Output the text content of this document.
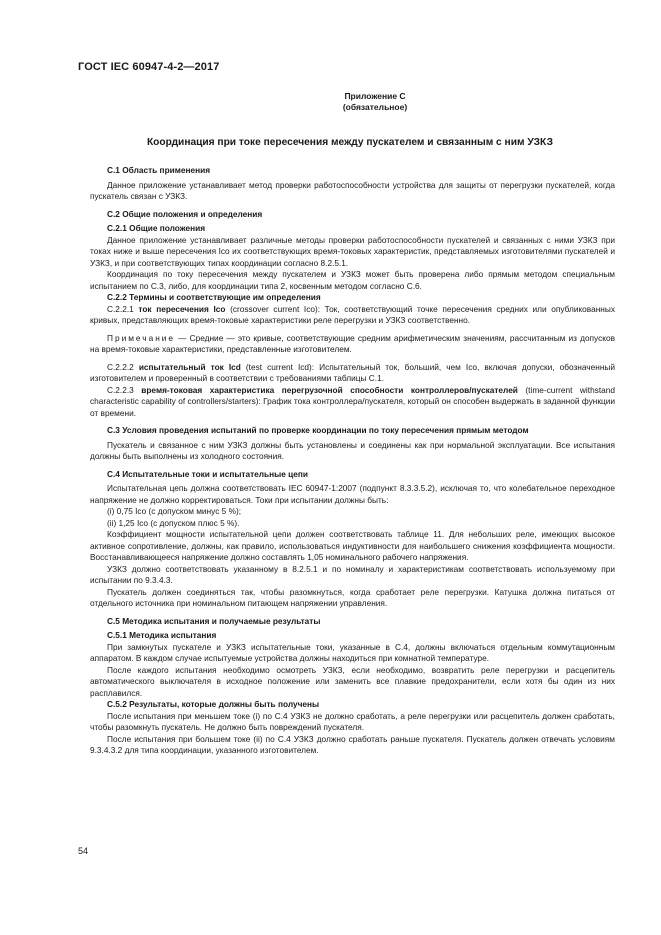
ГОСТ IEC 60947-4-2—2017
Приложение С
(обязательное)
Координация при токе пересечения между пускателем и связанным с ним УЗКЗ

С.1 Область применения

Данное приложение устанавливает метод проверки работоспособности устройства для защиты от перегрузки пускателей, когда пускатель связан с УЗКЗ.

С.2 Общие положения и определения

С.2.1 Общие положения

Данное приложение устанавливает различные методы проверки работоспособности пускателей и связанных с ними УЗКЗ при токах ниже и выше пересечения Ico их соответствующих время-токовых характеристик, представляемых изготовителями пускателей и УЗКЗ, и при соответствующих типах координации согласно 8.2.5.1.

Координация по току пересечения между пускателем и УЗКЗ может быть проверена либо прямым методом специальным испытанием по С.3, либо, для координации типа 2, косвенным методом согласно С.6.

С.2.2 Термины и соответствующие им определения

С.2.2.1 ток пересечения Ico (crossover current Ico): Ток, соответствующий точке пересечения средних или опубликованных кривых, представляющих время-токовые характеристики реле перегрузки и УЗКЗ соответственно.

Примечание — Средние — это кривые, соответствующие средним арифметическим значениям, рассчитанным из допусков на время-токовые характеристики, представленные изготовителем.

С.2.2.2 испытательный ток Icd (test current Icd): Испытательный ток, больший, чем Ico, включая допуски, обозначенный изготовителем и проверенный в соответствии с требованиями таблицы С.1.

С.2.2.3 время-токовая характеристика перегрузочной способности контроллеров/пускателей (time-current withstand characteristic capability of controllers/starters): График тока контроллера/пускателя, который он способен выдержать в заданной функции от времени.

С.3 Условия проведения испытаний по проверке координации по току пересечения прямым методом

Пускатель и связанное с ним УЗКЗ должны быть установлены и соединены как при нормальной эксплуатации. Все испытания должны быть выполнены из холодного состояния.

С.4 Испытательные токи и испытательные цепи

Испытательная цепь должна соответствовать IEC 60947-1:2007 (подпункт 8.3.3.5.2), исключая то, что колебательное переходное напряжение не должно корректироваться. Токи при испытании должны быть:

(i) 0,75 Ico (с допуском минус 5 %);

(ii) 1,25 Ico (с допуском плюс 5 %).

Коэффициент мощности испытательной цепи должен соответствовать таблице 11. Для небольших реле, имеющих высокое активное сопротивление, должны, как правило, использоваться индуктивности для наибольшего снижения коэффициента мощности. Восстанавливающееся напряжение должно составлять 1,05 номинального рабочего напряжения.

УЗКЗ должно соответствовать указанному в 8.2.5.1 и по номиналу и характеристикам соответствовать используемому при испытании по 9.3.4.3.

Пускатель должен соединяться так, чтобы разомкнуться, когда сработает реле перегрузки. Катушка должна питаться от отдельного источника при номинальном питающем напряжении управления.

С.5 Методика испытания и получаемые результаты

С.5.1 Методика испытания

При замкнутых пускателе и УЗКЗ испытательные токи, указанные в С.4, должны включаться отдельным коммутационным аппаратом. В каждом случае испытуемые устройства должны находиться при комнатной температуре.

После каждого испытания необходимо осмотреть УЗКЗ, если необходимо, возвратить реле перегрузки и расцепитель автоматического выключателя в исходное положение или заменить все плавкие предохранители, если хотя бы один из них расплавился.

С.5.2 Результаты, которые должны быть получены

После испытания при меньшем токе (i) по С.4 УЗКЗ не должно сработать, а реле перегрузки или расцепитель должен сработать, чтобы разомкнуть пускатель. Не должно быть повреждений пускателя.

После испытания при большем токе (ii) по С.4 УЗКЗ должно сработать раньше пускателя. Пускатель должен отвечать условиям 9.3.4.3.2 для типа координации, указанного изготовителем.

54
